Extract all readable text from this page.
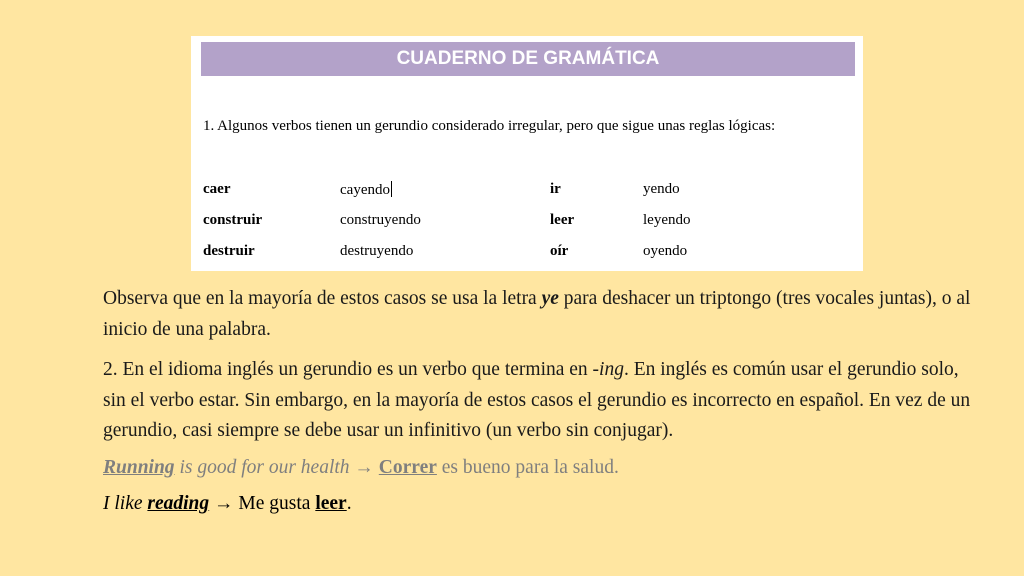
CUADERNO DE GRAMÁTICA
1. Algunos verbos tienen un gerundio considerado irregular, pero que sigue unas reglas lógicas:
caer	cayendo	ir	yendo
construir	construyendo	leer	leyendo
destruir	destruyendo	oír	oyendo

Observa que en la mayoría de estos casos se usa la letra ye para deshacer un triptongo (tres vocales juntas), o al inicio de una palabra.

2. En el idioma inglés un gerundio es un verbo que termina en -ing. En inglés es común usar el gerundio solo, sin el verbo estar. Sin embargo, en la mayoría de estos casos el gerundio es incorrecto en español. En vez de un gerundio, casi siempre se debe usar un infinitivo (un verbo sin conjugar).

Running is good for our health → Correr es bueno para la salud.

I like reading → Me gusta leer.
